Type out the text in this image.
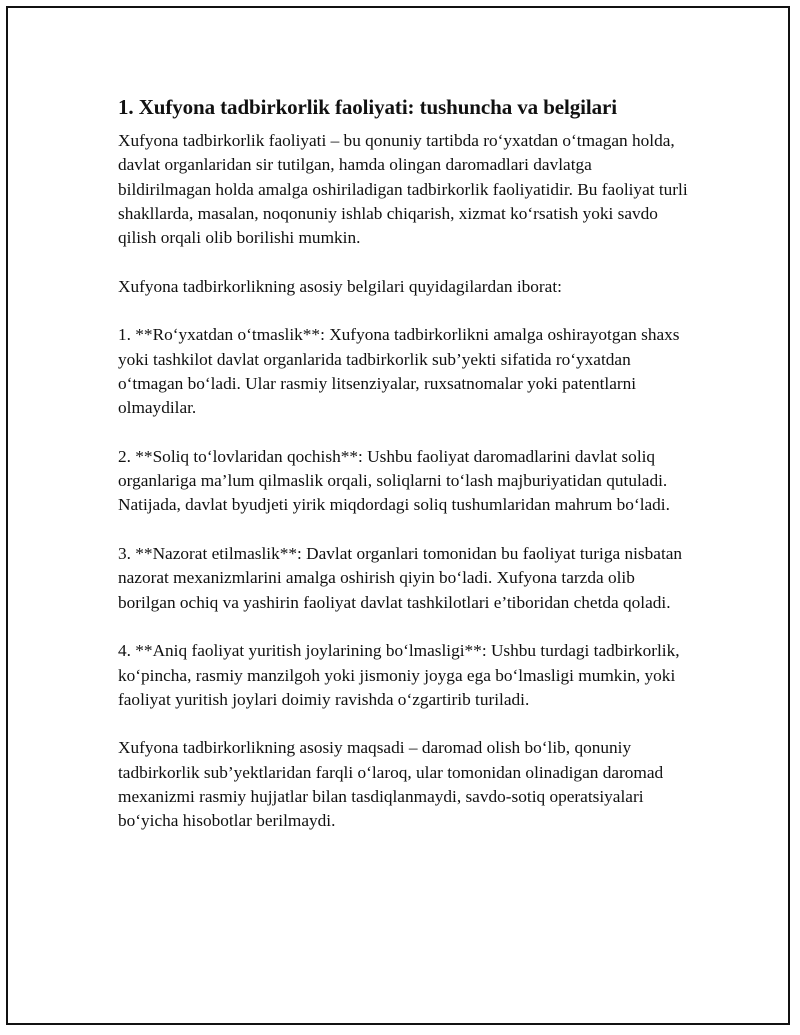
1. Xufyona tadbirkorlik faoliyati: tushuncha va belgilari

Xufyona tadbirkorlik faoliyati – bu qonuniy tartibda ro‘yxatdan o‘tmagan holda, davlat organlaridan sir tutilgan, hamda olingan daromadlari davlatga bildirilmagan holda amalga oshiriladigan tadbirkorlik faoliyatidir. Bu faoliyat turli shakllarda, masalan, noqonuniy ishlab chiqarish, xizmat ko‘rsatish yoki savdo qilish orqali olib borilishi mumkin.

Xufyona tadbirkorlikning asosiy belgilari quyidagilardan iborat:

1. **Ro‘yxatdan o‘tmaslik**: Xufyona tadbirkorlikni amalga oshirayotgan shaxs yoki tashkilot davlat organlarida tadbirkorlik sub’yekti sifatida ro‘yxatdan o‘tmagan bo‘ladi. Ular rasmiy litsenziyalar, ruxsatnomalar yoki patentlarni olmaydilar.

2. **Soliq to‘lovlaridan qochish**: Ushbu faoliyat daromadlarini davlat soliq organlariga ma’lum qilmaslik orqali, soliqlarni to‘lash majburiyatidan qutuladi. Natijada, davlat byudjeti yirik miqdordagi soliq tushumlaridan mahrum bo‘ladi.

3. **Nazorat etilmaslik**: Davlat organlari tomonidan bu faoliyat turiga nisbatan nazorat mexanizmlarini amalga oshirish qiyin bo‘ladi. Xufyona tarzda olib borilgan ochiq va yashirin faoliyat davlat tashkilotlari e’tiboridan chetda qoladi.

4. **Aniq faoliyat yuritish joylarining bo‘lmasligi**: Ushbu turdagi tadbirkorlik, ko‘pincha, rasmiy manzilgoh yoki jismoniy joyga ega bo‘lmasligi mumkin, yoki faoliyat yuritish joylari doimiy ravishda o‘zgartirib turiladi.

Xufyona tadbirkorlikning asosiy maqsadi – daromad olish bo‘lib, qonuniy tadbirkorlik sub’yektlaridan farqli o‘laroq, ular tomonidan olinadigan daromad mexanizmi rasmiy hujjatlar bilan tasdiqlanmaydi, savdo-sotiq operatsiyalari bo‘yicha hisobotlar berilmaydi.
